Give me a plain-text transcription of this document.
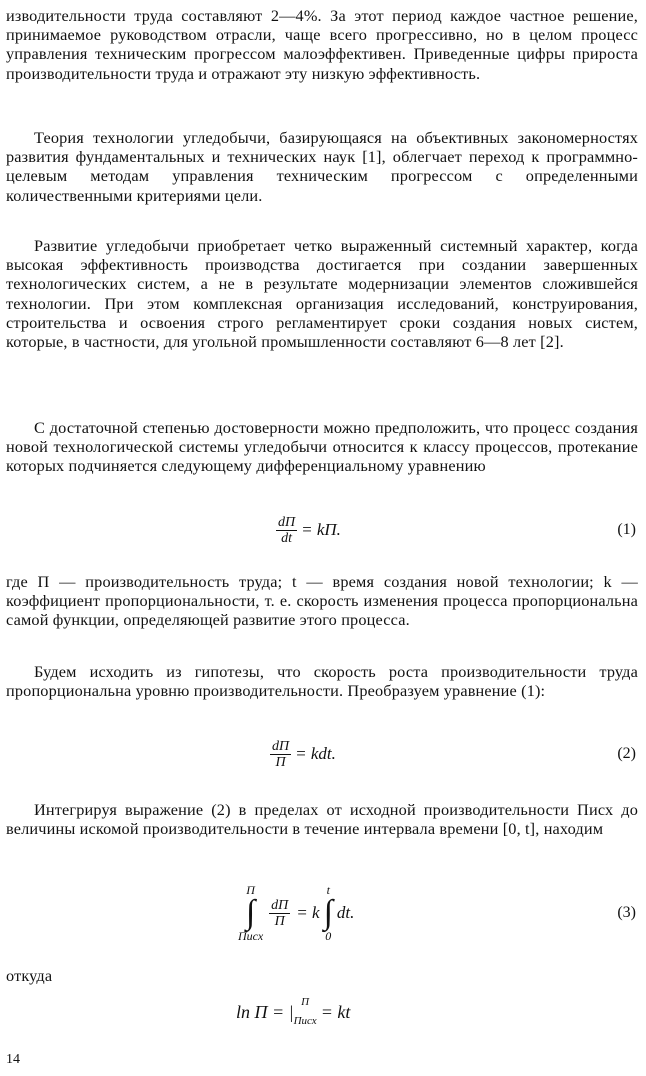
изводительности труда составляют 2—4%. За этот период каждое частное решение, принимаемое руководством отрасли, чаще всего прогрессивно, но в целом процесс управления техническим прогрессом малоэффективен. Приведенные цифры прироста производительности труда и отражают эту низкую эффективность.

Теория технологии угледобычи, базирующаяся на объективных закономерностях развития фундаментальных и технических наук [1], облегчает переход к программно-целевым методам управления техническим прогрессом с определенными количественными критериями цели.

Развитие угледобычи приобретает четко выраженный системный характер, когда высокая эффективность производства достигается при создании завершенных технологических систем, а не в результате модернизации элементов сложившейся технологии. При этом комплексная организация исследований, конструирования, строительства и освоения строго регламентирует сроки создания новых систем, которые, в частности, для угольной промышленности составляют 6—8 лет [2].

С достаточной степенью достоверности можно предположить, что процесс создания новой технологической системы угледобычи относится к классу процессов, протекание которых подчиняется следующему дифференциальному уравнению

$\frac{dП}{dt}$ = kП.	(1)

где П — производительность труда; t — время создания новой технологии; k — коэффициент пропорциональности, т. е. скорость изменения процесса пропорциональна самой функции, определяющей развитие этого процесса.

Будем исходить из гипотезы, что скорость роста производительности труда пропорциональна уровню производительности. Преобразуем уравнение (1):

$\frac{dП}{П}$ = kdt.	(2)

Интегрируя выражение (2) в пределах от исходной производительности Писх до величины искомой производительности в течение интервала времени [0, t], находим

П
∫
Писх
$\frac{dП}{П} = k$
t
∫
0
dt.	(3)

откуда

ln П = | П
Писх = kt
14
